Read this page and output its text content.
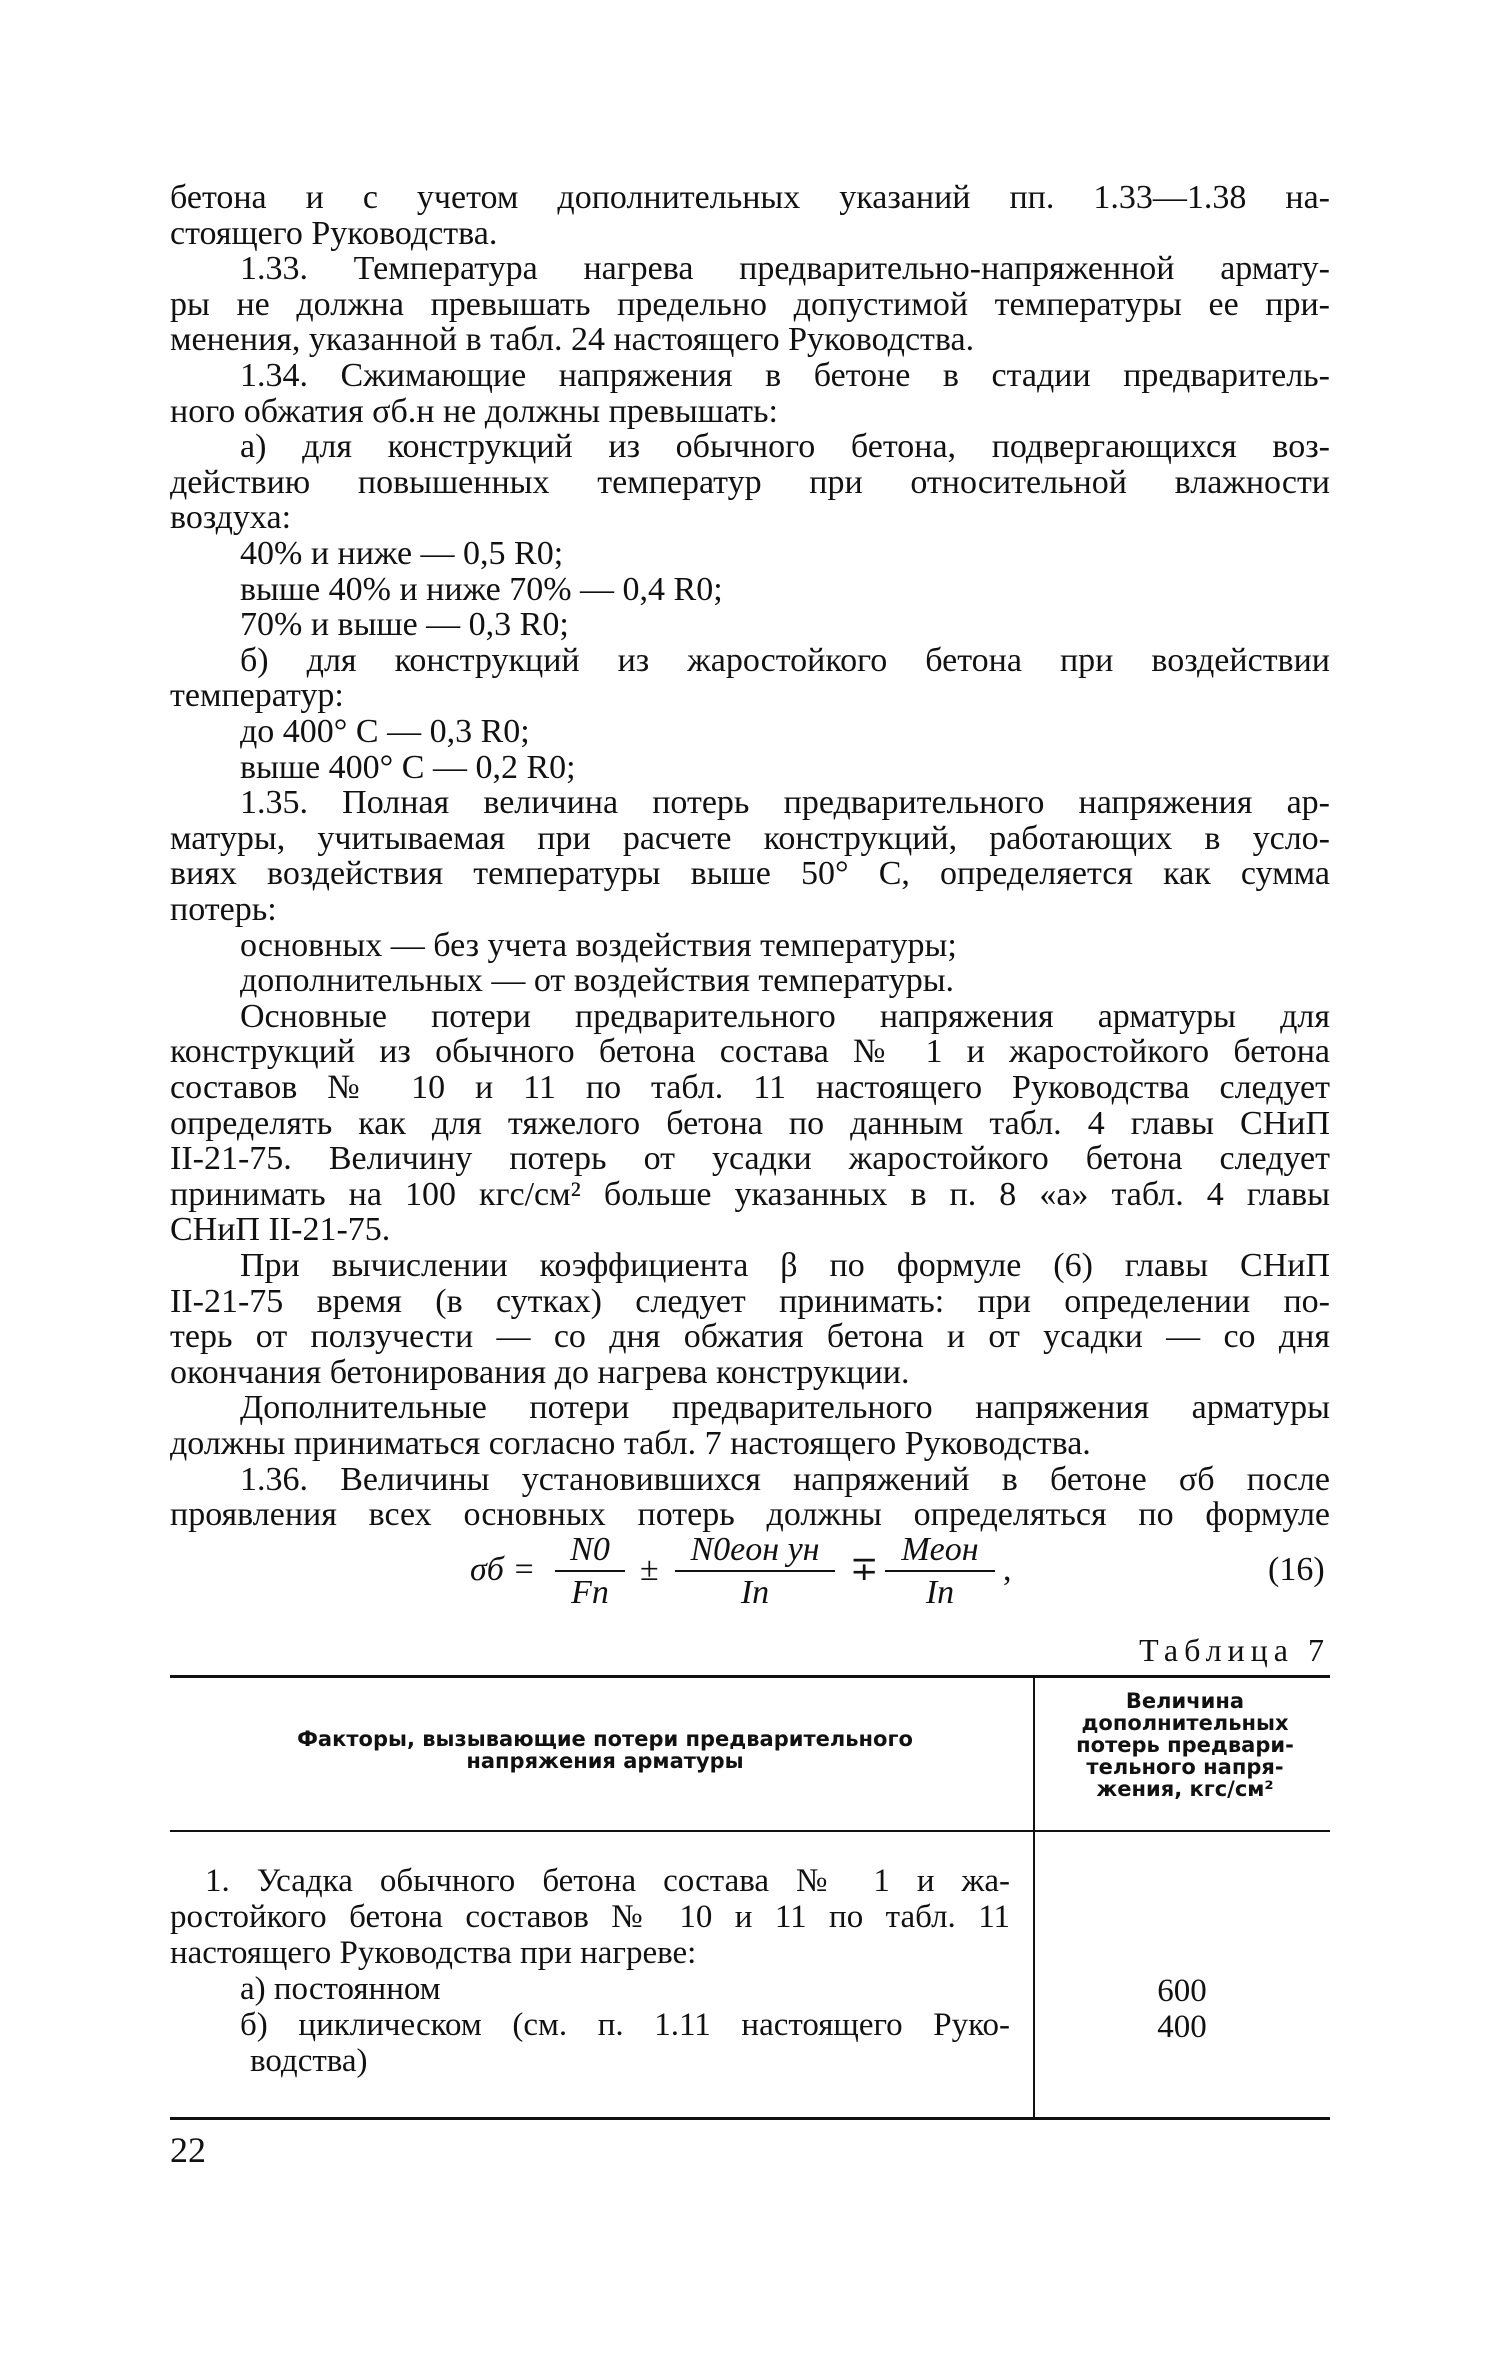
бетона и с учетом дополнительных указаний пп. 1.33—1.38 на-
стоящего Руководства.
1.33. Температура нагрева предварительно-напряженной армату-
ры не должна превышать предельно допустимой температуры ее при-
менения, указанной в табл. 24 настоящего Руководства.
1.34. Сжимающие напряжения в бетоне в стадии предваритель-
ного обжатия σб.н не должны превышать:
а) для конструкций из обычного бетона, подвергающихся воз-
действию повышенных температур при относительной влажности
воздуха:
40% и ниже — 0,5 R0;
выше 40% и ниже 70% — 0,4 R0;
70% и выше — 0,3 R0;
б) для конструкций из жаростойкого бетона при воздействии
температур:
до 400° С — 0,3 R0;
выше 400° С — 0,2 R0;
1.35. Полная величина потерь предварительного напряжения ар-
матуры, учитываемая при расчете конструкций, работающих в усло-
виях воздействия температуры выше 50° С, определяется как сумма
потерь:
основных — без учета воздействия температуры;
дополнительных — от воздействия температуры.
Основные потери предварительного напряжения арматуры для
конструкций из обычного бетона состава № 1 и жаростойкого бетона
составов № 10 и 11 по табл. 11 настоящего Руководства следует
определять как для тяжелого бетона по данным табл. 4 главы СНиП
II-21-75. Величину потерь от усадки жаростойкого бетона следует
принимать на 100 кгс/см² больше указанных в п. 8 «а» табл. 4 главы
СНиП II-21-75.
При вычислении коэффициента β по формуле (6) главы СНиП
II-21-75 время (в сутках) следует принимать: при определении по-
терь от ползучести — со дня обжатия бетона и от усадки — со дня
окончания бетонирования до нагрева конструкции.
Дополнительные потери предварительного напряжения арматуры
должны приниматься согласно табл. 7 настоящего Руководства.
1.36. Величины установившихся напряжений в бетоне σб после
проявления всех основных потерь должны определяться по формуле
σб =
N0
Fп
±
N0eон yн
Iп
∓
Meон
Iп
,	(16)
Таблица 7
Факторы, вызывающие потери предварительного
напряжения арматуры
Величина
дополнительных
потерь предвари-
тельного напря-
жения, кгс/см²
1. Усадка обычного бетона состава № 1 и жа-
ростойкого бетона составов № 10 и 11 по табл. 11
настоящего Руководства при нагреве:
а) постоянном
б) циклическом (см. п. 1.11 настоящего Руко-
водства)
600
400
22
